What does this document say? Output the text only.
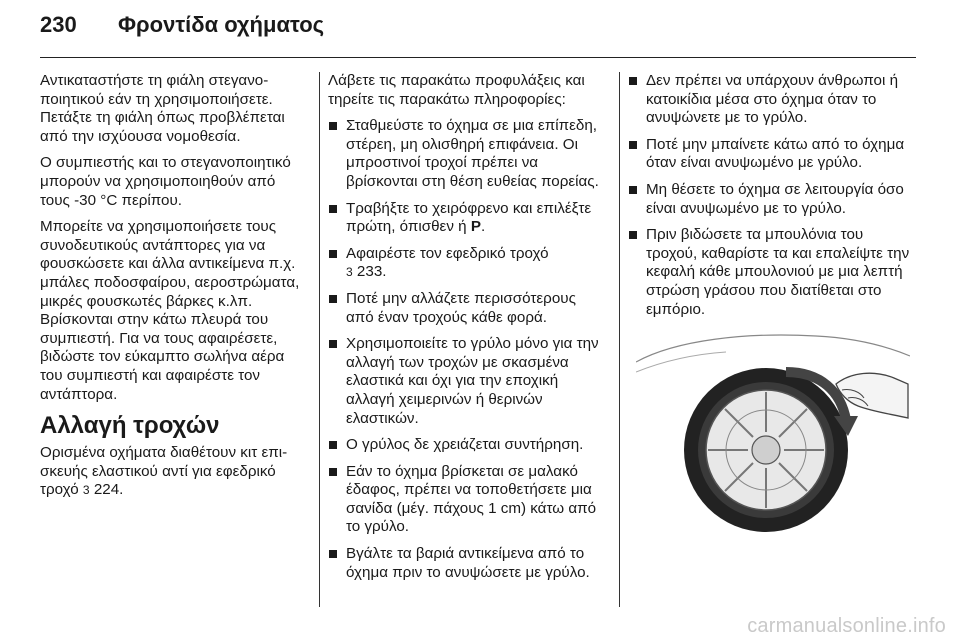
230 Φροντίδα οχήματος

Αντικαταστήστε τη φιάλη στεγανοποιητικού εάν τη χρησιμοποιήσετε. Πετάξτε τη φιάλη όπως προβλέπεται από την ισχύουσα νομοθεσία.

Ο συμπιεστής και το στεγανοποιητικό μπορούν να χρησιμοποιηθούν από τους -30 °C περίπου.

Μπορείτε να χρησιμοποιήσετε τους συνοδευτικούς αντάπτορες για να φουσκώσετε και άλλα αντικείμενα π.χ. μπάλες ποδοσφαίρου, αεροστρώματα, μικρές φουσκωτές βάρκες κ.λπ. Βρίσκονται στην κάτω πλευρά του συμπιεστή. Για να τους αφαιρέσετε, βιδώστε τον εύκαμπτο σωλήνα αέρα του συμπιεστή και αφαιρέστε τον αντάπτορα.

Αλλαγή τροχών

Ορισμένα οχήματα διαθέτουν κιτ επισκευής ελαστικού αντί για εφεδρικό τροχό 3 224.

Λάβετε τις παρακάτω προφυλάξεις και τηρείτε τις παρακάτω πληροφορίες:

Σταθμεύστε το όχημα σε μια επίπεδη, στέρεη, μη ολισθηρή επιφάνεια. Οι μπροστινοί τροχοί πρέπει να βρίσκονται στη θέση ευθείας πορείας.
Τραβήξτε το χειρόφρενο και επιλέξτε πρώτη, όπισθεν ή P.
Αφαιρέστε τον εφεδρικό τροχό
3 233.
Ποτέ μην αλλάζετε περισσότερους από έναν τροχούς κάθε φορά.
Χρησιμοποιείτε το γρύλο μόνο για την αλλαγή των τροχών με σκασμένα ελαστικά και όχι για την εποχική αλλαγή χειμερινών ή θερινών ελαστικών.
Ο γρύλος δε χρειάζεται συντήρηση.
Εάν το όχημα βρίσκεται σε μαλακό έδαφος, πρέπει να τοποθετήσετε μια σανίδα (μέγ. πάχους 1 cm) κάτω από το γρύλο.
Βγάλτε τα βαριά αντικείμενα από το όχημα πριν το ανυψώσετε με γρύλο.
Δεν πρέπει να υπάρχουν άνθρωποι ή κατοικίδια μέσα στο όχημα όταν το ανυψώνετε με το γρύλο.
Ποτέ μην μπαίνετε κάτω από το όχημα όταν είναι ανυψωμένο με γρύλο.
Μη θέσετε το όχημα σε λειτουργία όσο είναι ανυψωμένο με το γρύλο.
Πριν βιδώσετε τα μπουλόνια του τροχού, καθαρίστε τα και επαλείψτε την κεφαλή κάθε μπουλονιού με μια λεπτή στρώση γράσου που διατίθεται στο εμπόριο.
carmanualsonline.info
